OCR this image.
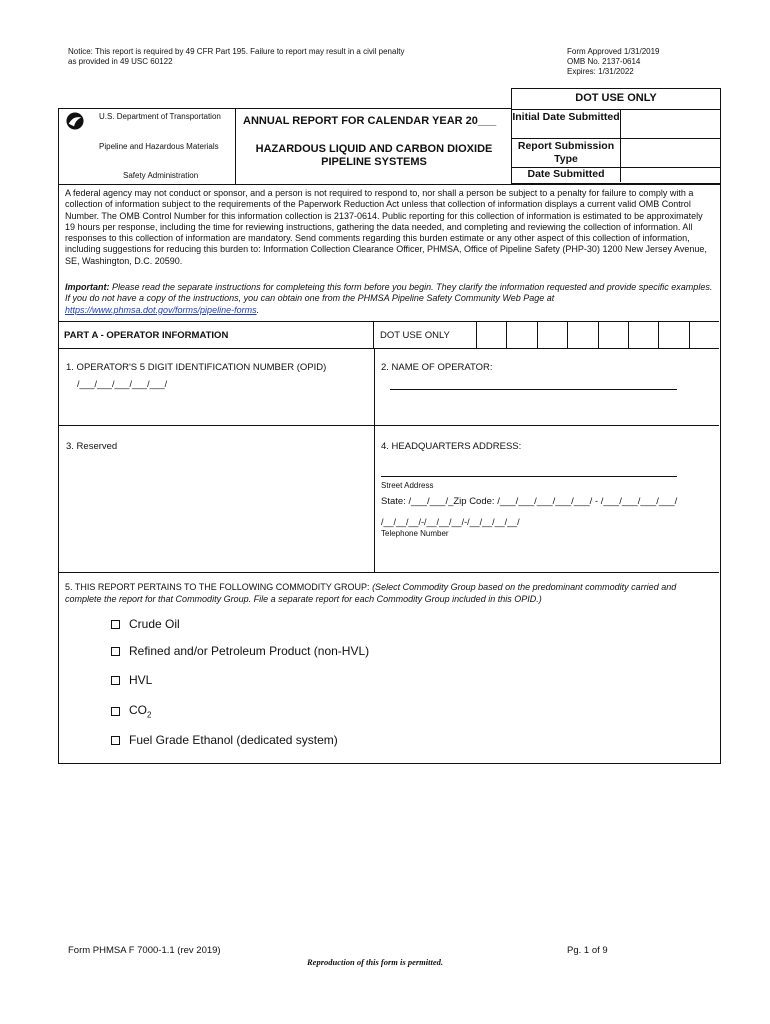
Notice: This report is required by 49 CFR Part 195. Failure to report may result in a civil penalty
as provided in 49 USC 60122
Form Approved 1/31/2019
OMB No. 2137-0614
Expires: 1/31/2022
DOT USE ONLY
Initial Date Submitted
Report Submission Type
Date Submitted
U.S. Department of Transportation
Pipeline and Hazardous Materials
Safety Administration
ANNUAL REPORT FOR CALENDAR YEAR 20___
HAZARDOUS LIQUID AND CARBON DIOXIDE
PIPELINE SYSTEMS
A federal agency may not conduct or sponsor, and a person is not required to respond to, nor shall a person be subject to a penalty for failure to comply with a collection of information subject to the requirements of the Paperwork Reduction Act unless that collection of information displays a current valid OMB Control Number. The OMB Control Number for this information collection is 2137-0614. Public reporting for this collection of information is estimated to be approximately 19 hours per response, including the time for reviewing instructions, gathering the data needed, and completing and reviewing the collection of information. All responses to this collection of information are mandatory. Send comments regarding this burden estimate or any other aspect of this collection of information, including suggestions for reducing this burden to: Information Collection Clearance Officer, PHMSA, Office of Pipeline Safety (PHP-30) 1200 New Jersey Avenue, SE, Washington, D.C. 20590.
Important: Please read the separate instructions for completeing this form before you begin. They clarify the information requested and provide specific examples. If you do not have a copy of the instructions, you can obtain one from the PHMSA Pipeline Safety Community Web Page at https://www.phmsa.dot.gov/forms/pipeline-forms.
PART A - OPERATOR INFORMATION	DOT USE ONLY
1. OPERATOR'S 5 DIGIT IDENTIFICATION NUMBER (OPID)
/___/___/___/___/___/
2. NAME OF OPERATOR:
3. Reserved	4. HEADQUARTERS ADDRESS:
Street Address
State: /___/___/_Zip Code: /___/___/___/___/___/ - /___/___/___/___/
/__/__/__/-/__/__/__/-/__/__/__/__/
Telephone Number
5. THIS REPORT PERTAINS TO THE FOLLOWING COMMODITY GROUP: (Select Commodity Group based on the predominant commodity carried and complete the report for that Commodity Group. File a separate report for each Commodity Group included in this OPID.)
Crude Oil
Refined and/or Petroleum Product (non-HVL)
HVL
$CO_2$
Fuel Grade Ethanol (dedicated system)
Form PHMSA F 7000-1.1 (rev 2019)
Reproduction of this form is permitted.
Pg. 1 of 9
